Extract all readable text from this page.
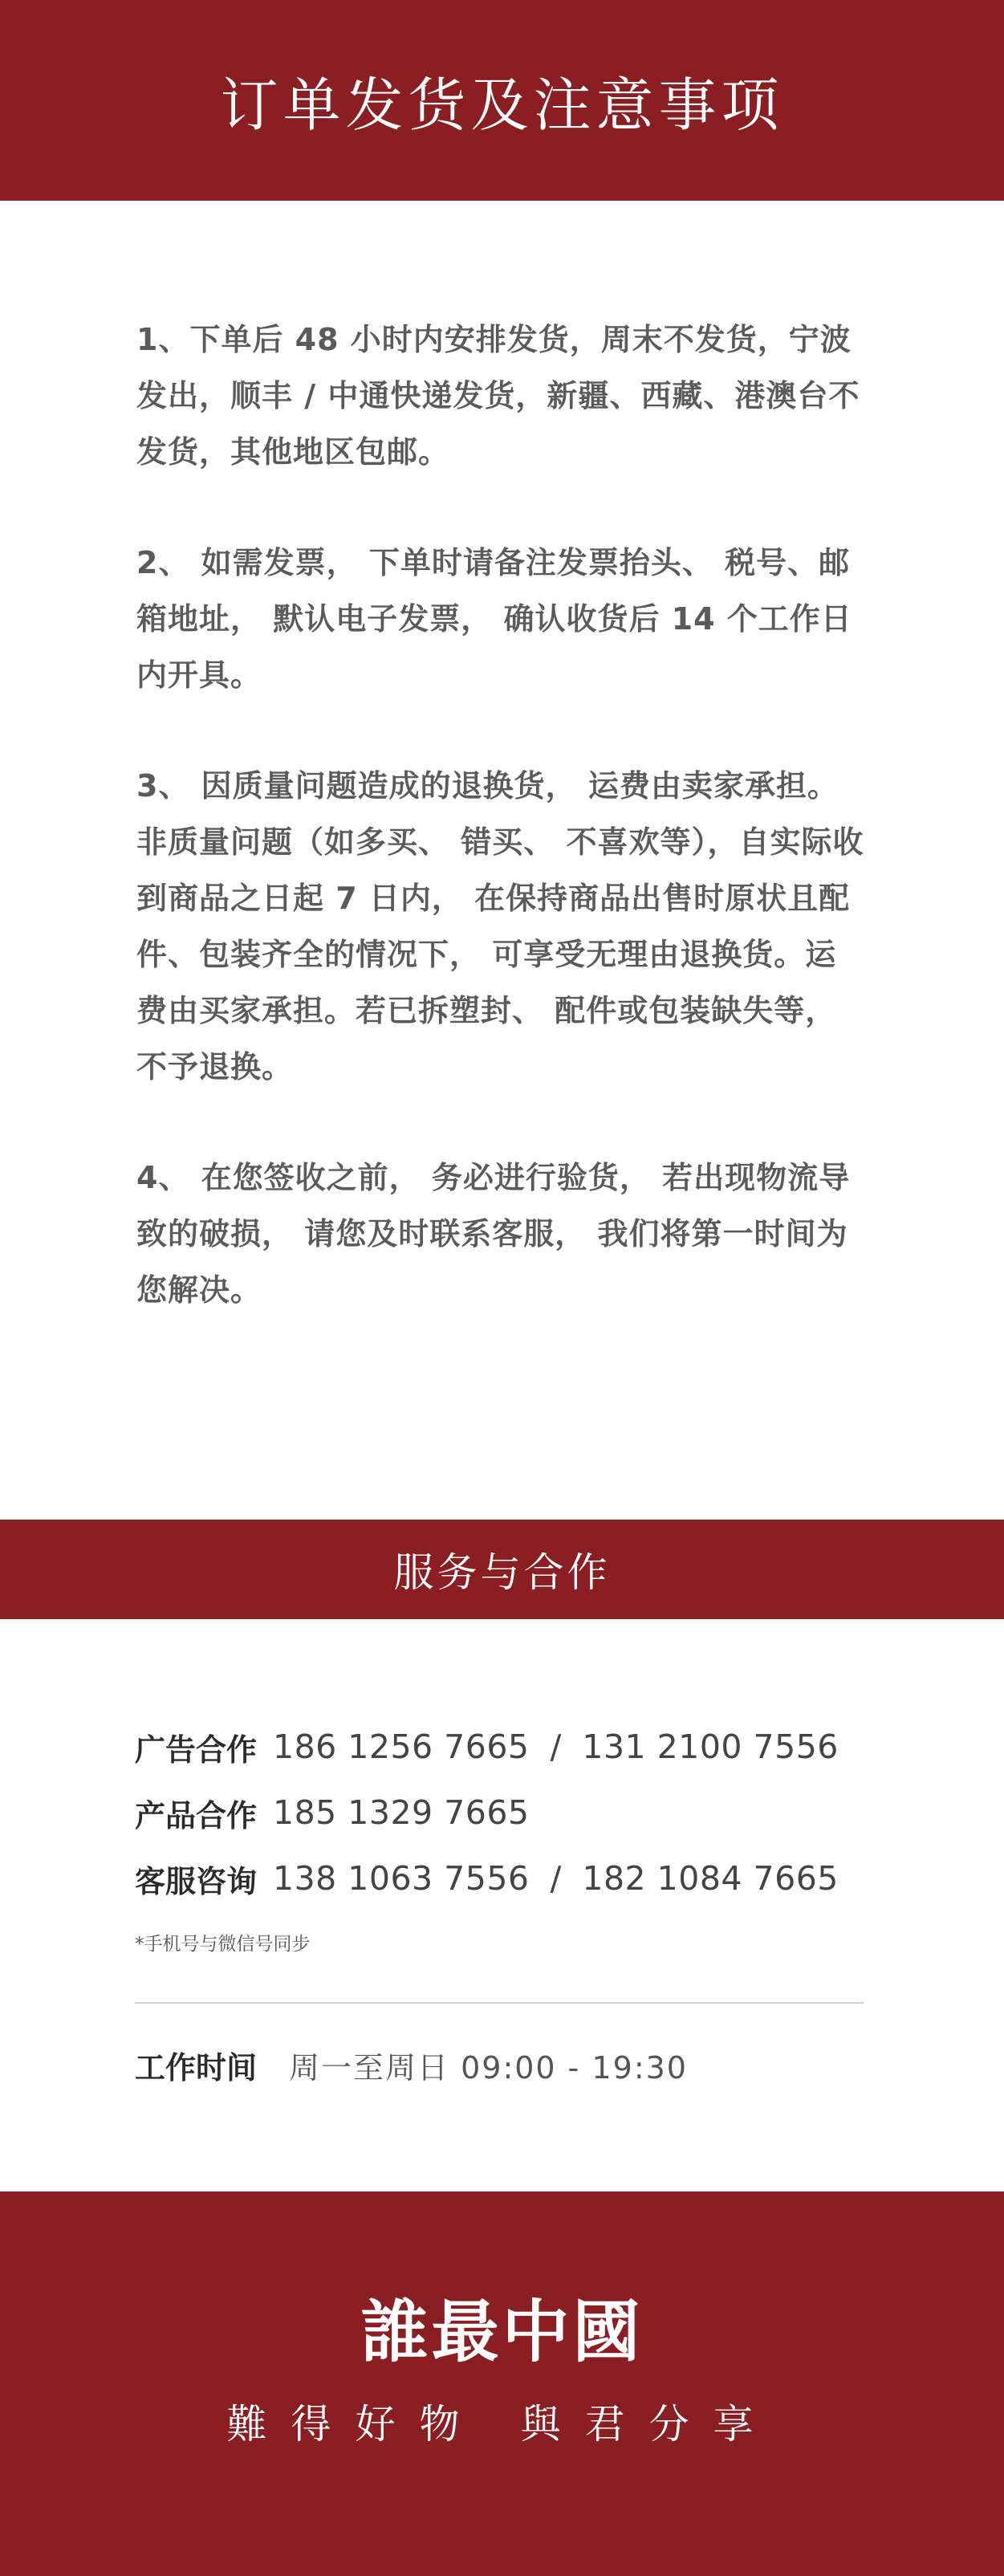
订单发货及注意事项

1、下单后 48 小时内安排发货，周末不发货，宁波发出，顺丰 / 中通快递发货，新疆、西藏、港澳台不发货，其他地区包邮。

2、 如需发票， 下单时请备注发票抬头、 税号、邮箱地址， 默认电子发票， 确认收货后 14 个工作日内开具。

3、 因质量问题造成的退换货， 运费由卖家承担。非质量问题（如多买、 错买、 不喜欢等），自实际收到商品之日起 7 日内， 在保持商品出售时原状且配件、包装齐全的情况下， 可享受无理由退换货。运费由买家承担。若已拆塑封、 配件或包装缺失等，不予退换。

4、 在您签收之前， 务必进行验货， 若出现物流导致的破损， 请您及时联系客服， 我们将第一时间为您解决。

服务与合作
广告合作 186 1256 7665 / 131 2100 7556
产品合作 185 1329 7665
客服咨询 138 1063 7556 / 182 1084 7665
*手机号与微信号同步
工作时间 周一至周日 09:00 - 19:30
誰最中國
難得好物 與君分享
